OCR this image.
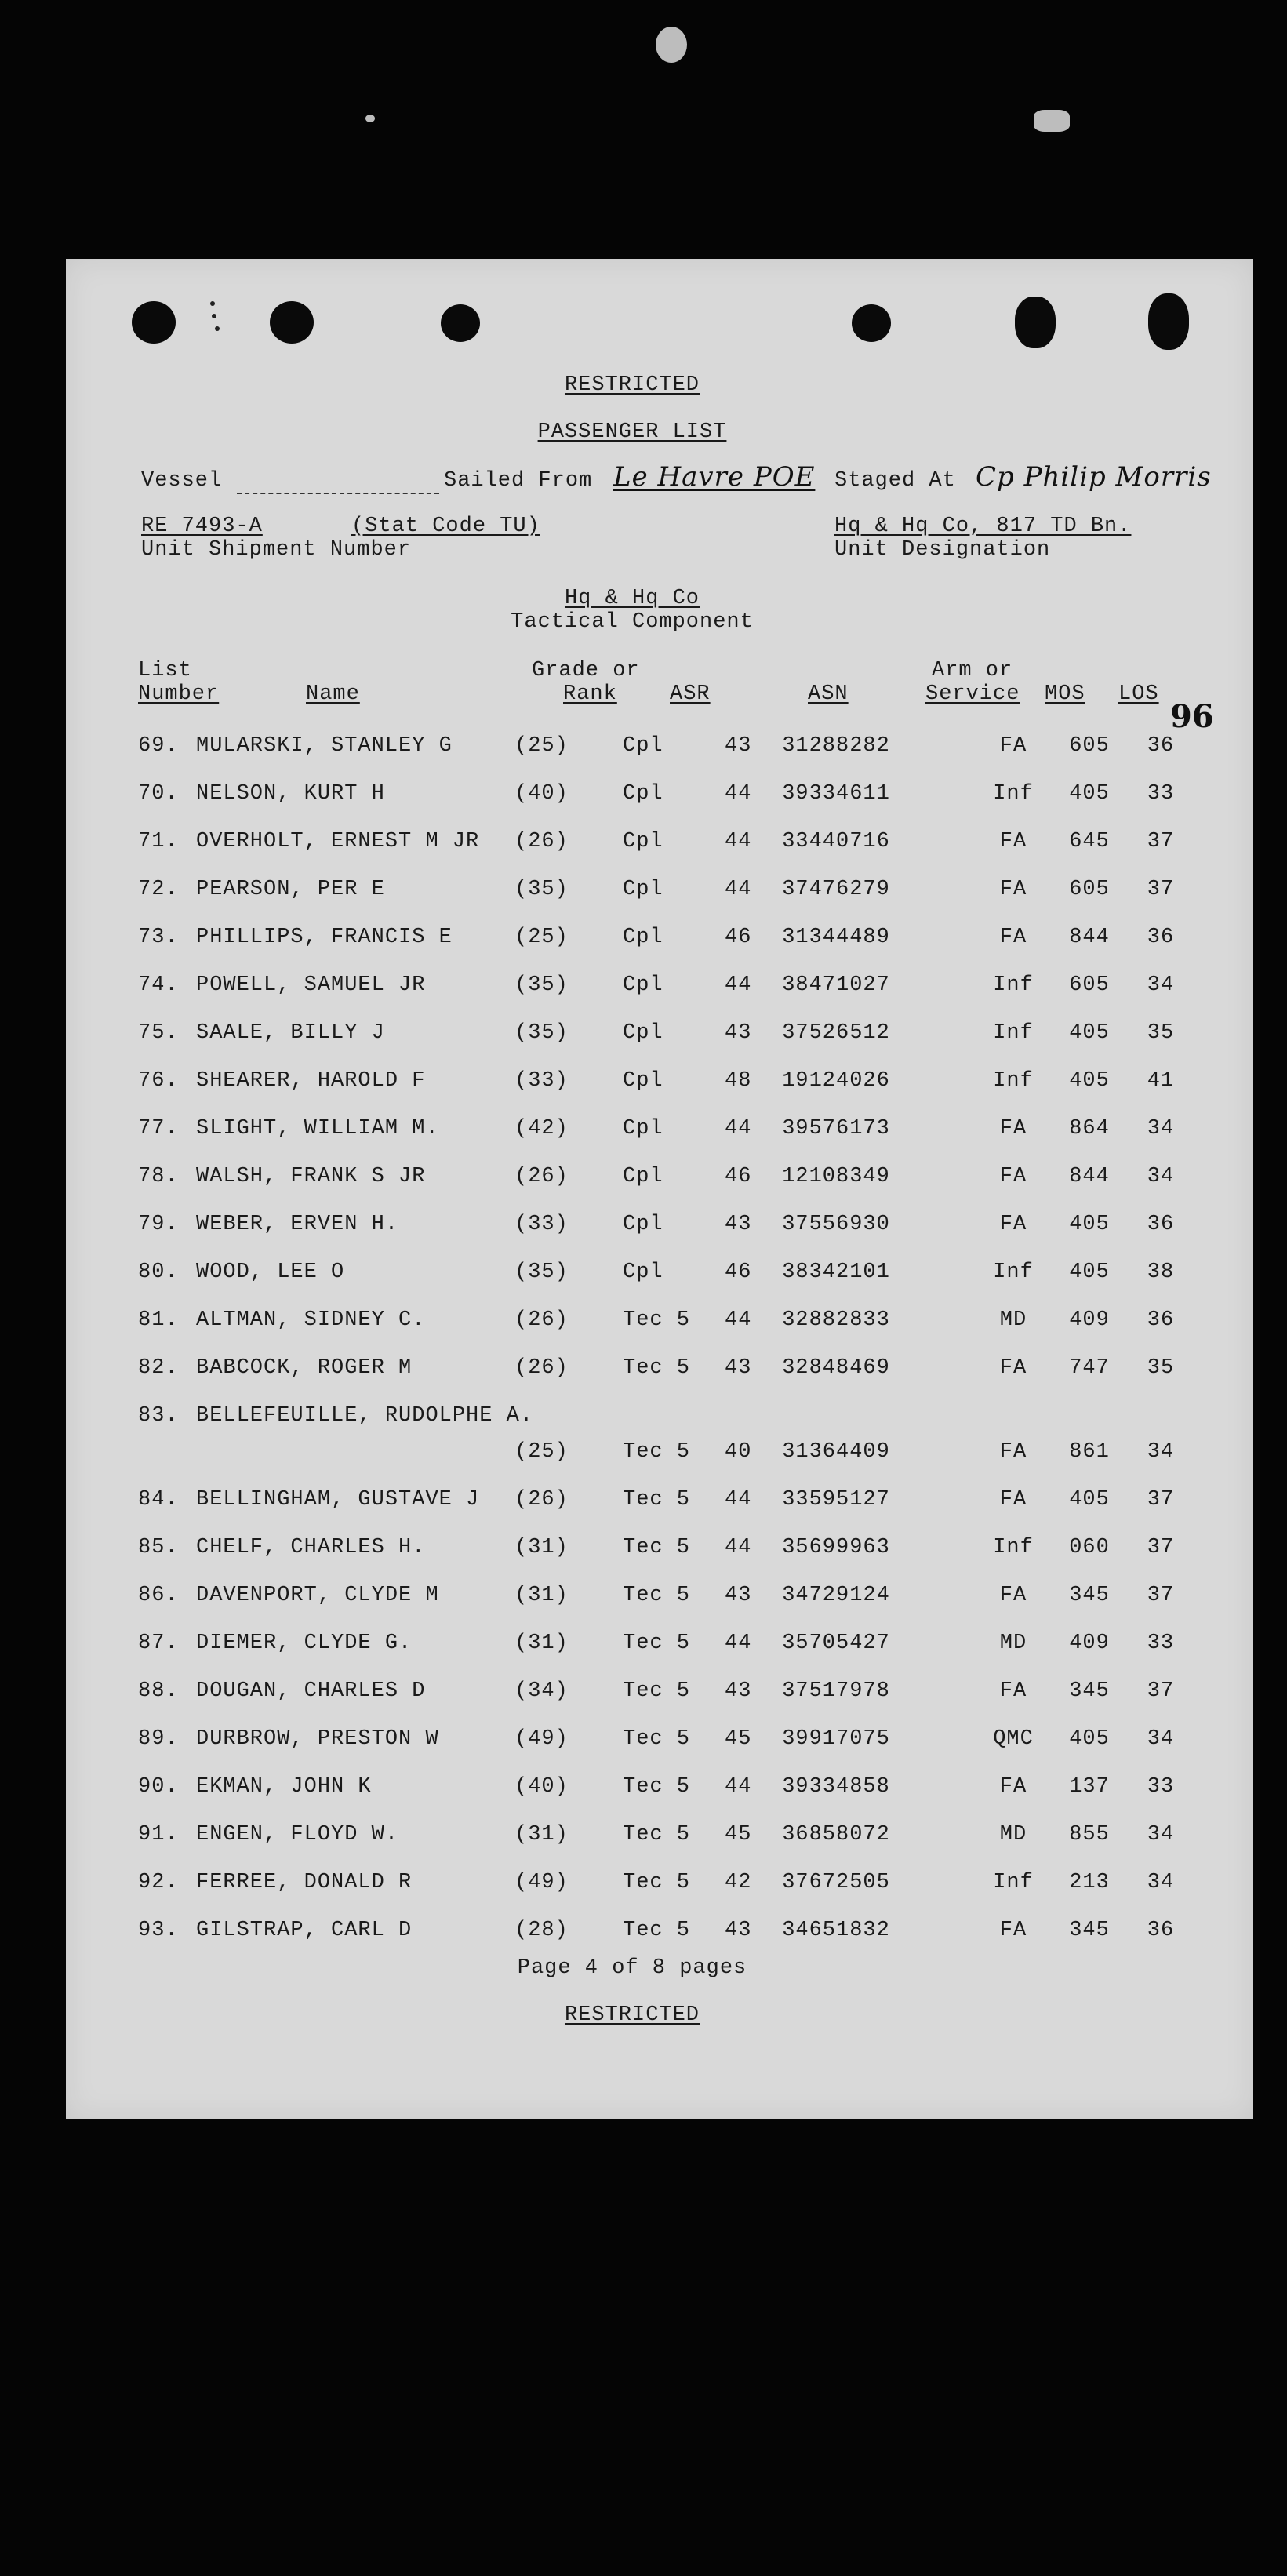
RESTRICTED
PASSENGER LIST
Vessel	Sailed From Le Havre POE Staged At Cp Philip Morris
RE 7493-A	(Stat Code TU)
Unit Shipment Number
Hq & Hq Co, 817 TD Bn.
Unit Designation
Hq & Hq Co
Tactical Component
List
Number	Name
Grade or
Rank ASR	ASN
Arm or
Service MOS LOS
96
69. MULARSKI, STANLEY G	(25)	Cpl	43	31288282	FA	605	36
70. NELSON, KURT H	(40)	Cpl	44	39334611	Inf	405	33
71. OVERHOLT, ERNEST M JR (26)	Cpl	44	33440716	FA	645	37
72. PEARSON, PER E	(35)	Cpl	44	37476279	FA	605	37
73. PHILLIPS, FRANCIS E	(25)	Cpl	46	31344489	FA	844	36
74. POWELL, SAMUEL JR	(35)	Cpl	44	38471027	Inf	605	34
75. SAALE, BILLY J	(35)	Cpl	43	37526512	Inf	405	35
76. SHEARER, HAROLD F	(33)	Cpl	48	19124026	Inf	405	41
77. SLIGHT, WILLIAM M.	(42)	Cpl	44	39576173	FA	864	34
78. WALSH, FRANK S JR	(26)	Cpl	46	12108349	FA	844	34
79. WEBER, ERVEN H.	(33)	Cpl	43	37556930	FA	405	36
80. WOOD, LEE O	(35)	Cpl	46	38342101	Inf	405	38
81. ALTMAN, SIDNEY C.	(26)	Tec 5 44	32882833	MD	409	36
82. BABCOCK, ROGER M	(26)	Tec 5 43	32848469	FA	747	35
83. BELLEFEUILLE, RUDOLPHE A.
(25)	Tec 5 40	31364409	FA	861	34
84. BELLINGHAM, GUSTAVE J (26)	Tec 5 44	33595127	FA	405	37
85. CHELF, CHARLES H.	(31)	Tec 5 44	35699963	Inf	060	37
86. DAVENPORT, CLYDE M	(31)	Tec 5 43	34729124	FA	345	37
87. DIEMER, CLYDE G.	(31)	Tec 5 44	35705427	MD	409	33
88. DOUGAN, CHARLES D	(34)	Tec 5 43	37517978	FA	345	37
89. DURBROW, PRESTON W	(49)	Tec 5 45	39917075	QMC	405	34
90. EKMAN, JOHN K	(40)	Tec 5 44	39334858	FA	137	33
91. ENGEN, FLOYD W.	(31)	Tec 5 45	36858072	MD	855	34
92. FERREE, DONALD R	(49)	Tec 5 42	37672505	Inf	213	34
93. GILSTRAP, CARL D	(28)	Tec 5 43	34651832	FA	345	36
Page 4 of 8 pages
RESTRICTED
